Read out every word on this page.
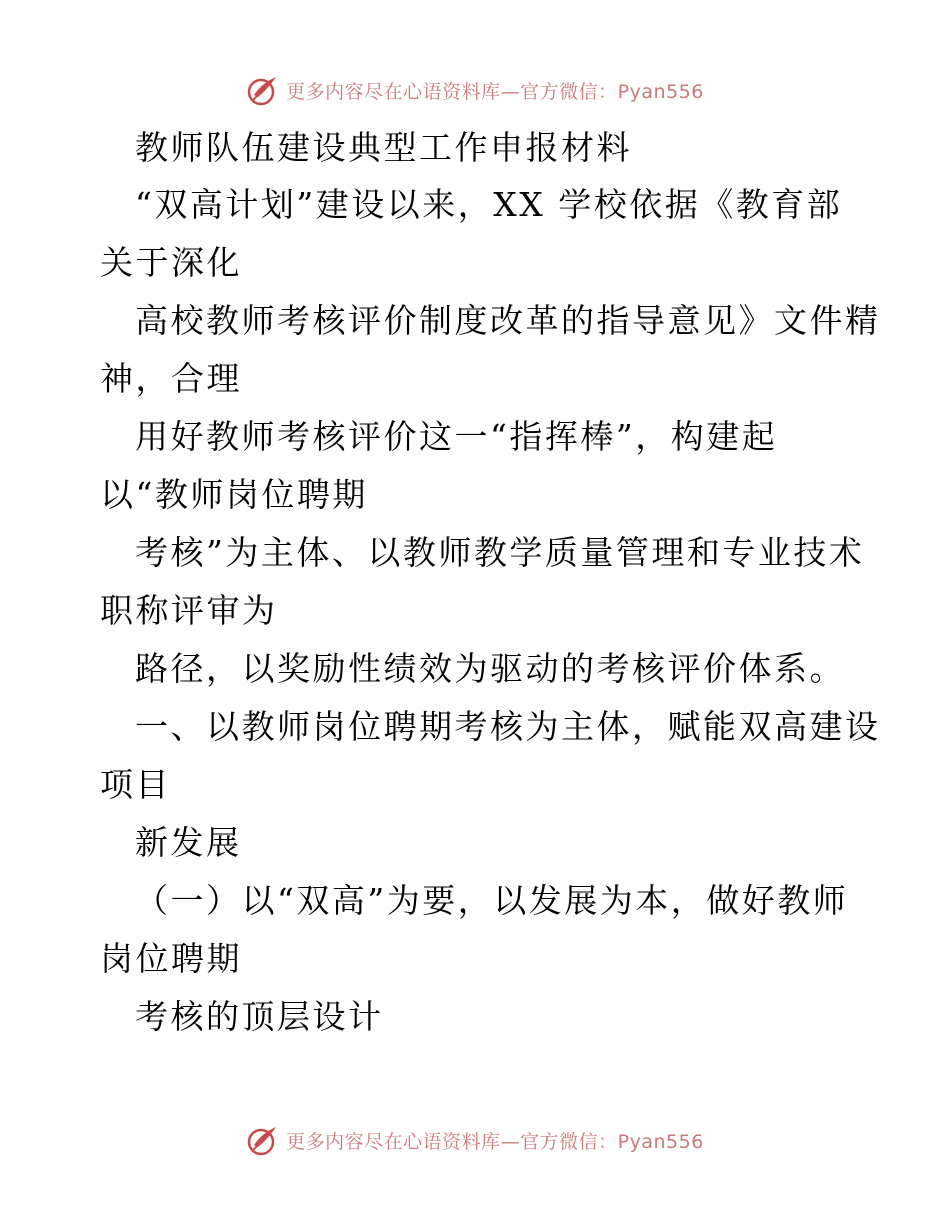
更多内容尽在心语资料库—官方微信：Pyan556
教师队伍建设典型工作申报材料
“双高计划”建设以来，XX 学校依据《教育部
关于深化
高校教师考核评价制度改革的指导意见》文件精
神，合理
用好教师考核评价这一“指挥棒”，构建起
以“教师岗位聘期
考核”为主体、以教师教学质量管理和专业技术
职称评审为
路径，以奖励性绩效为驱动的考核评价体系。
一、以教师岗位聘期考核为主体，赋能双高建设
项目
新发展
（一）以“双高”为要，以发展为本，做好教师
岗位聘期
考核的顶层设计
更多内容尽在心语资料库—官方微信：Pyan556
